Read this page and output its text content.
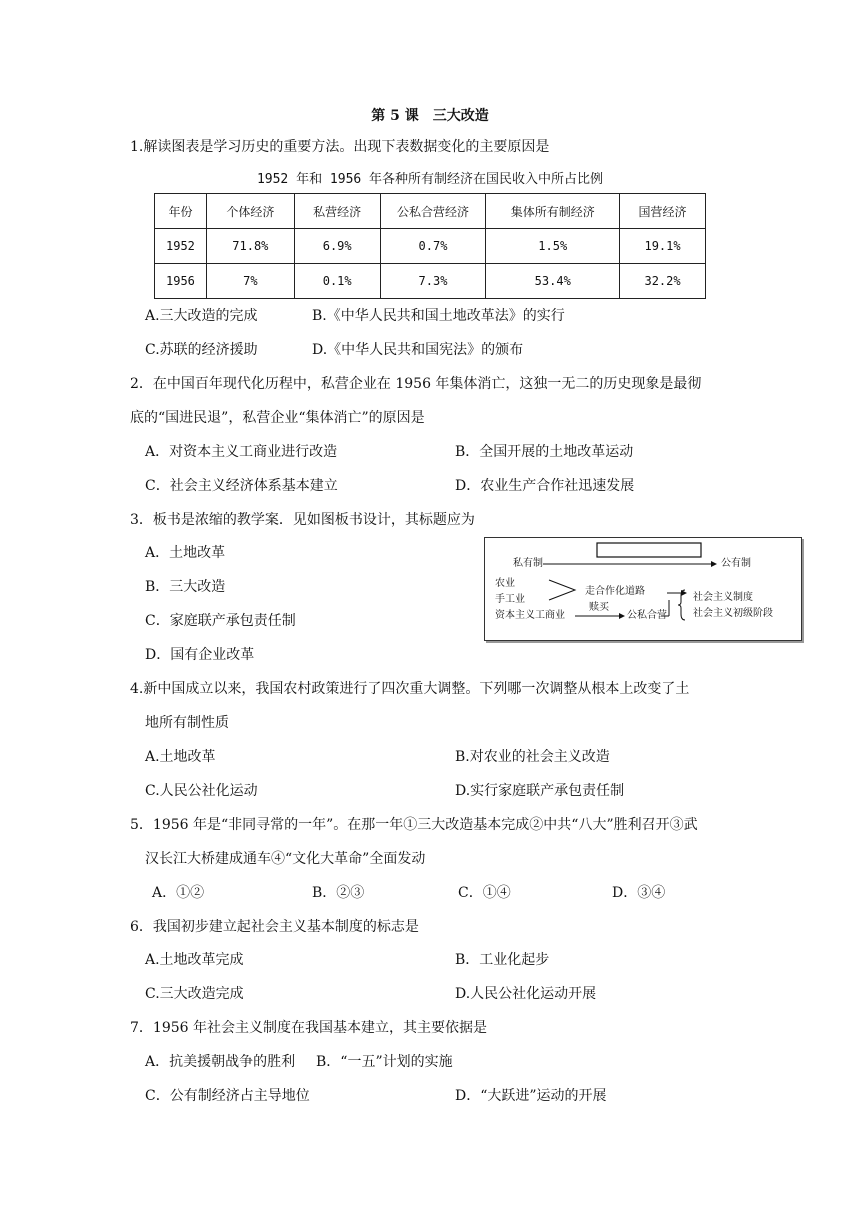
第 5 课　三大改造
1.解读图表是学习历史的重要方法。出现下表数据变化的主要原因是
1952 年和 1956 年各种所有制经济在国民收入中所占比例
年份	个体经济	私营经济	公私合营经济	集体所有制经济	国营经济
1952	71.8%	6.9%	0.7%	1.5%	19.1%
1956	7%	0.1%	7.3%	53.4%	32.2%
A.三大改造的完成	B.《中华人民共和国土地改革法》的实行
C.苏联的经济援助	D.《中华人民共和国宪法》的颁布
2．在中国百年现代化历程中，私营企业在 1956 年集体消亡，这独一无二的历史现象是最彻
底的“国进民退”，私营企业“集体消亡”的原因是
A．对资本主义工商业进行改造	B．全国开展的土地改革运动
C．社会主义经济体系基本建立	D．农业生产合作社迅速发展
3．板书是浓缩的教学案．见如图板书设计，其标题应为
A．土地改革
B．三大改造
C．家庭联产承包责任制
D．国有企业改革
私有制	公有制
农业
手工业
资本主义工商业
走合作化道路
赎买
公私合营
社会主义制度
社会主义初级阶段
4.新中国成立以来，我国农村政策进行了四次重大调整。下列哪一次调整从根本上改变了土
地所有制性质
A.土地改革	B.对农业的社会主义改造
C.人民公社化运动	D.实行家庭联产承包责任制
5．1956 年是“非同寻常的一年”。在那一年①三大改造基本完成②中共“八大”胜利召开③武
汉长江大桥建成通车④“文化大革命”全面发动
A．①②	B．②③	C．①④	D．③④
6．我国初步建立起社会主义基本制度的标志是
A.土地改革完成	B．工业化起步
C.三大改造完成	D.人民公社化运动开展
7．1956 年社会主义制度在我国基本建立，其主要依据是
A．抗美援朝战争的胜利 B．“一五”计划的实施
C．公有制经济占主导地位	D．“大跃进”运动的开展
